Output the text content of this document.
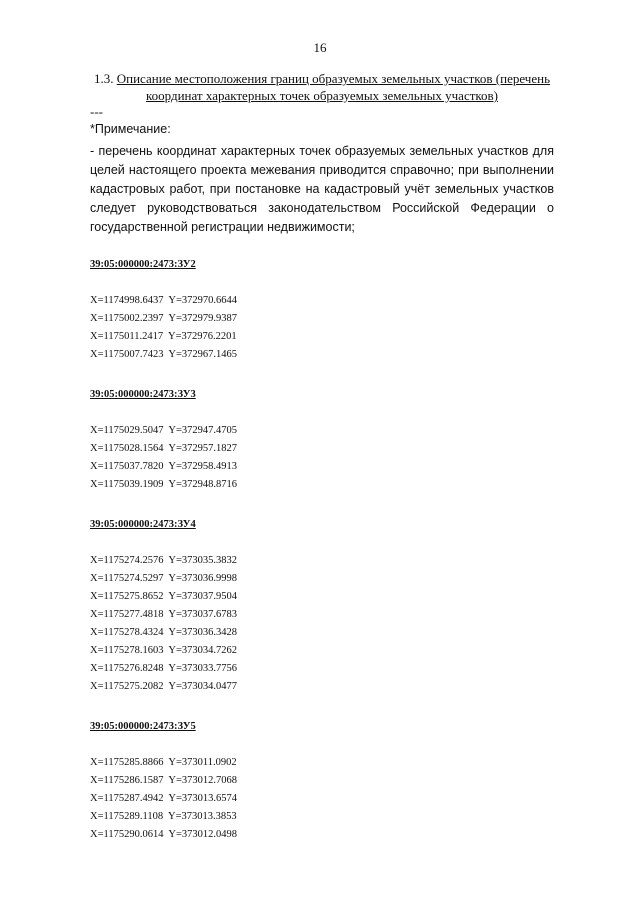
16
1.3. Описание местоположения границ образуемых земельных участков (перечень
координат характерных точек образуемых земельных участков)
---
*Примечание:
- перечень координат характерных точек образуемых земельных участков для целей настоящего проекта межевания приводится справочно; при выполнении кадастровых работ, при постановке на кадастровый учёт земельных участков следует руководствоваться законодательством Российской Федерации о государственной регистрации недвижимости;
39:05:000000:2473:ЗУ2
X=1174998.6437 Y=372970.6644
X=1175002.2397 Y=372979.9387
X=1175011.2417 Y=372976.2201
X=1175007.7423 Y=372967.1465
39:05:000000:2473:ЗУ3
X=1175029.5047 Y=372947.4705
X=1175028.1564 Y=372957.1827
X=1175037.7820 Y=372958.4913
X=1175039.1909 Y=372948.8716
39:05:000000:2473:ЗУ4
X=1175274.2576 Y=373035.3832
X=1175274.5297 Y=373036.9998
X=1175275.8652 Y=373037.9504
X=1175277.4818 Y=373037.6783
X=1175278.4324 Y=373036.3428
X=1175278.1603 Y=373034.7262
X=1175276.8248 Y=373033.7756
X=1175275.2082 Y=373034.0477
39:05:000000:2473:ЗУ5
X=1175285.8866 Y=373011.0902
X=1175286.1587 Y=373012.7068
X=1175287.4942 Y=373013.6574
X=1175289.1108 Y=373013.3853
X=1175290.0614 Y=373012.0498
